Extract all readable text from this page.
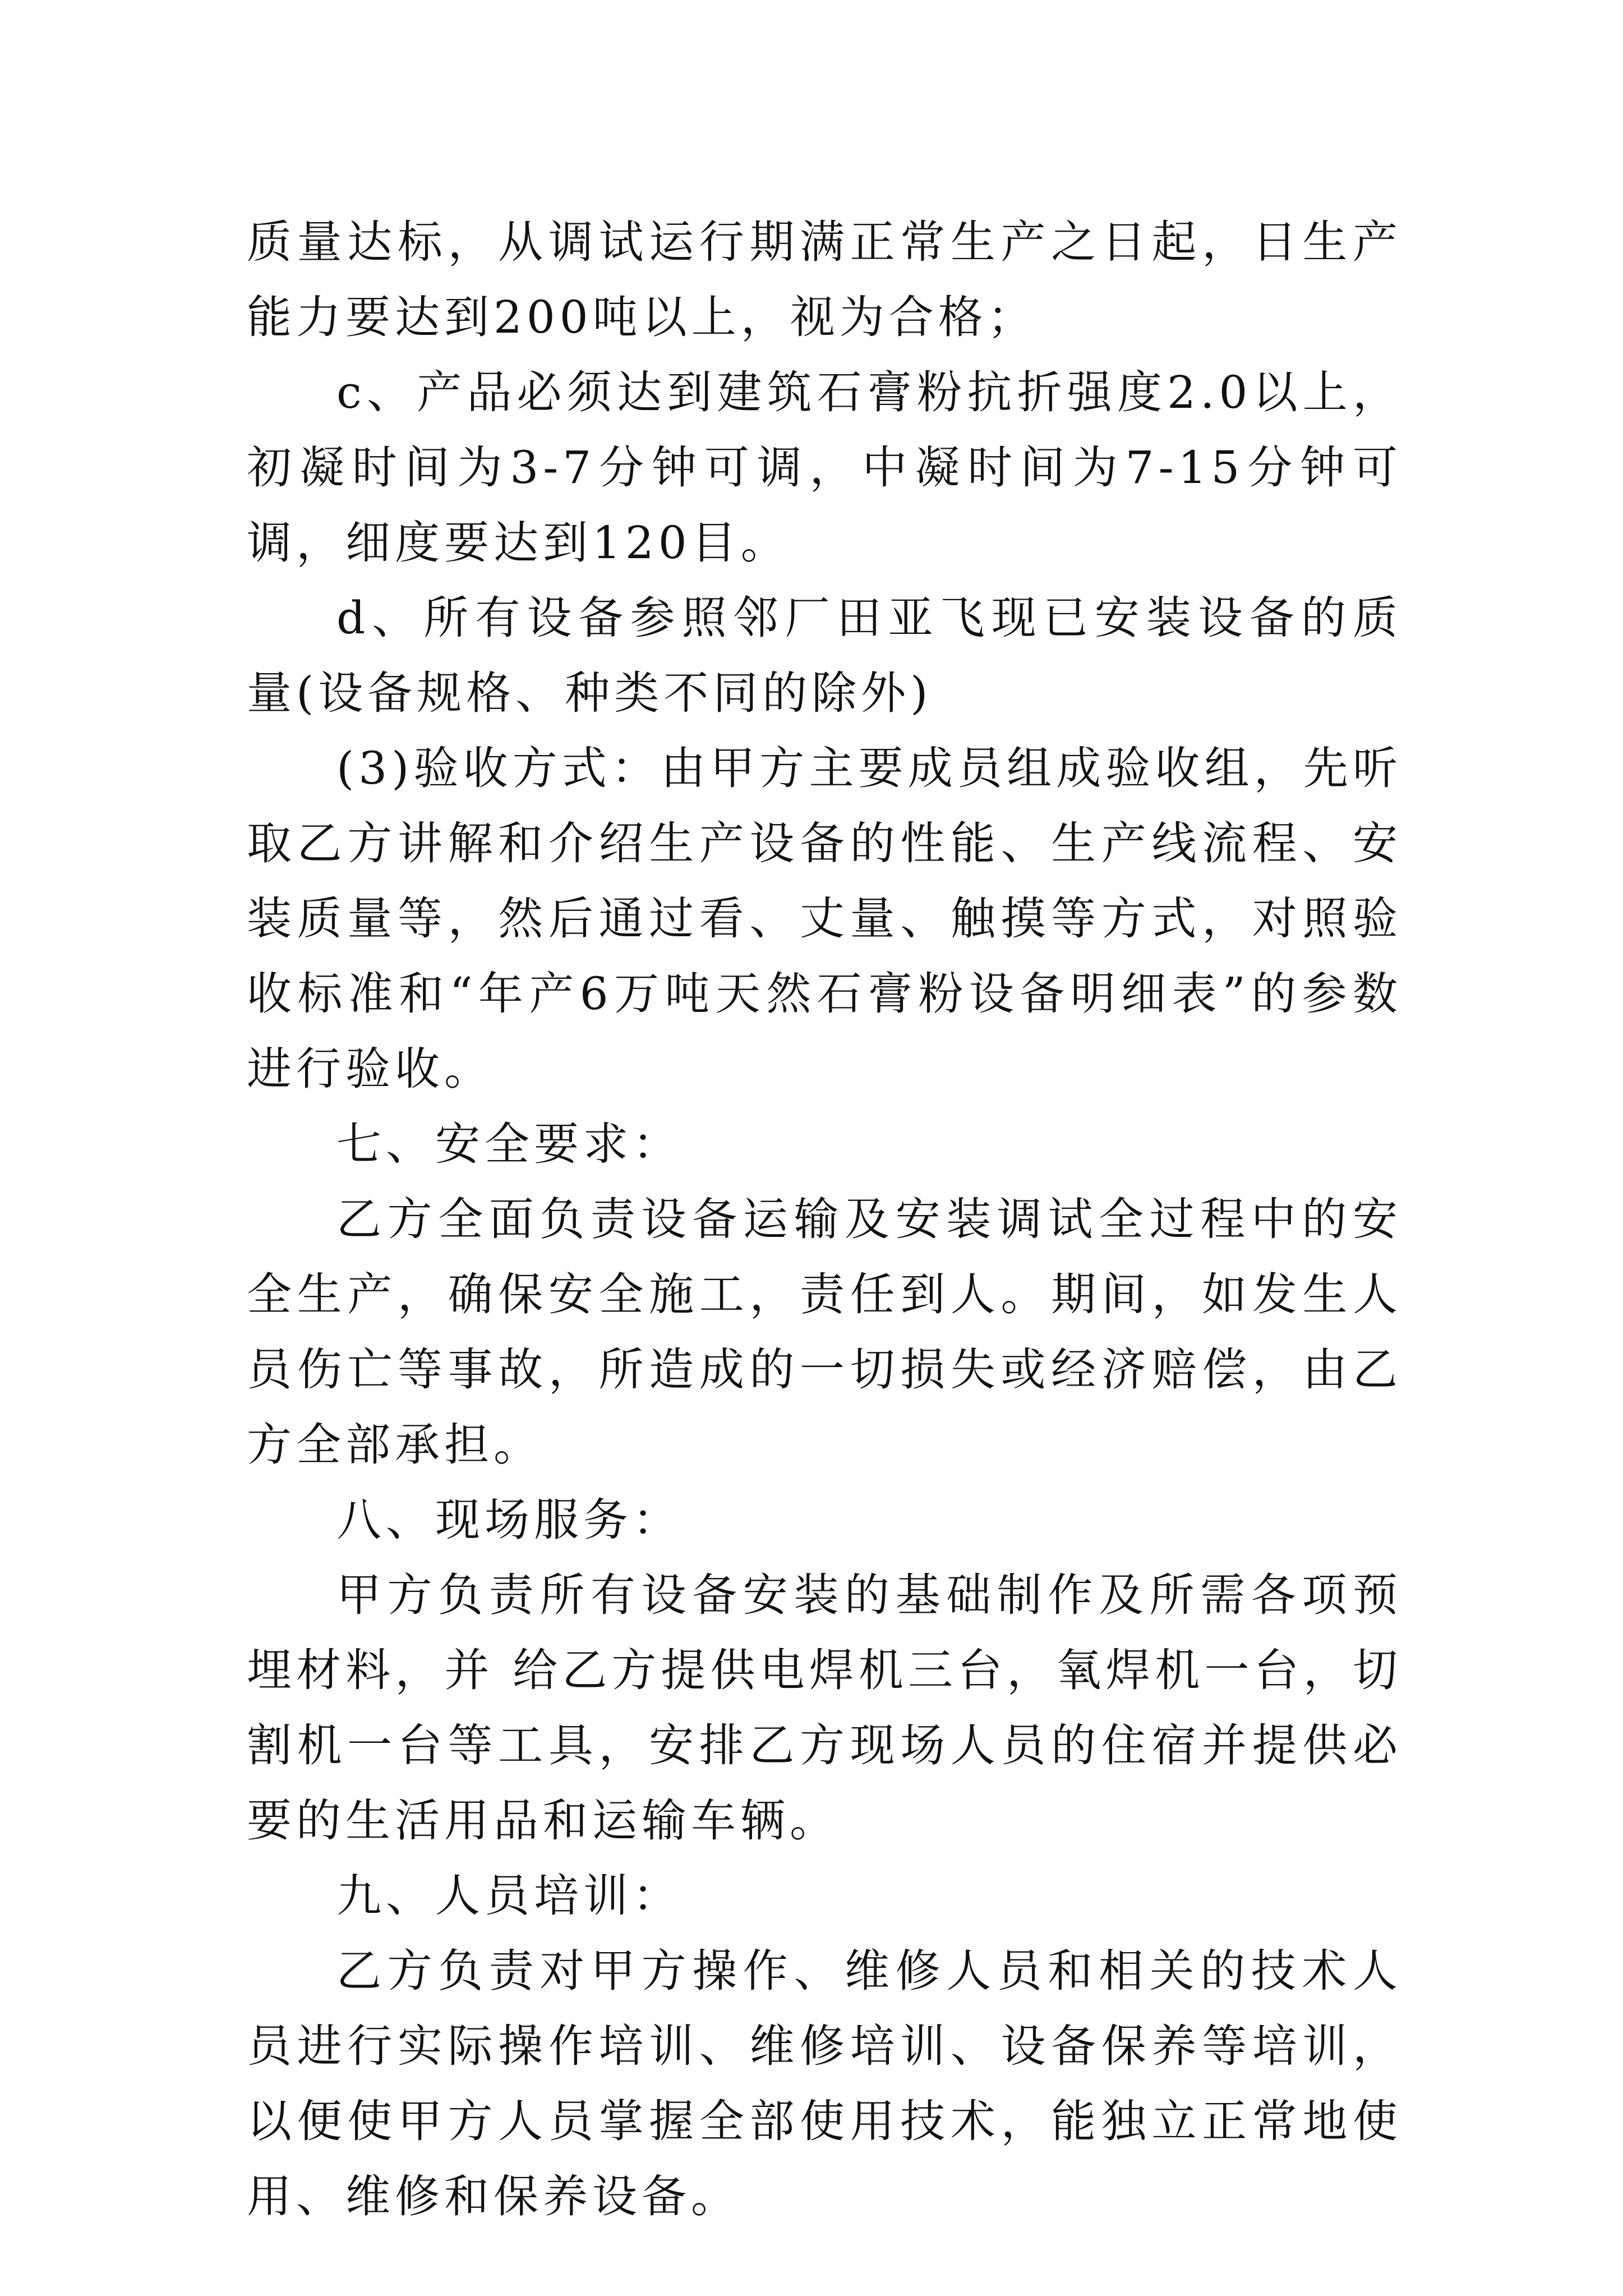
质量达标，从调试运行期满正常生产之日起，日生产能力要达到200吨以上，视为合格；

c、产品必须达到建筑石膏粉抗折强度2.0以上，初凝时间为3-7分钟可调，中凝时间为7-15分钟可调，细度要达到120目。

d、所有设备参照邻厂田亚飞现已安装设备的质量(设备规格、种类不同的除外)

(3)验收方式：由甲方主要成员组成验收组，先听取乙方讲解和介绍生产设备的性能、生产线流程、安装质量等，然后通过看、丈量、触摸等方式，对照验收标准和“年产6万吨天然石膏粉设备明细表”的参数进行验收。

七、安全要求：

乙方全面负责设备运输及安装调试全过程中的安全生产，确保安全施工，责任到人。期间，如发生人员伤亡等事故，所造成的一切损失或经济赔偿，由乙方全部承担。

八、现场服务：

甲方负责所有设备安装的基础制作及所需各项预埋材料，并 给乙方提供电焊机三台，氧焊机一台，切割机一台等工具，安排乙方现场人员的住宿并提供必要的生活用品和运输车辆。

九、人员培训：

乙方负责对甲方操作、维修人员和相关的技术人员进行实际操作培训、维修培训、设备保养等培训，以便使甲方人员掌握全部使用技术，能独立正常地使用、维修和保养设备。
